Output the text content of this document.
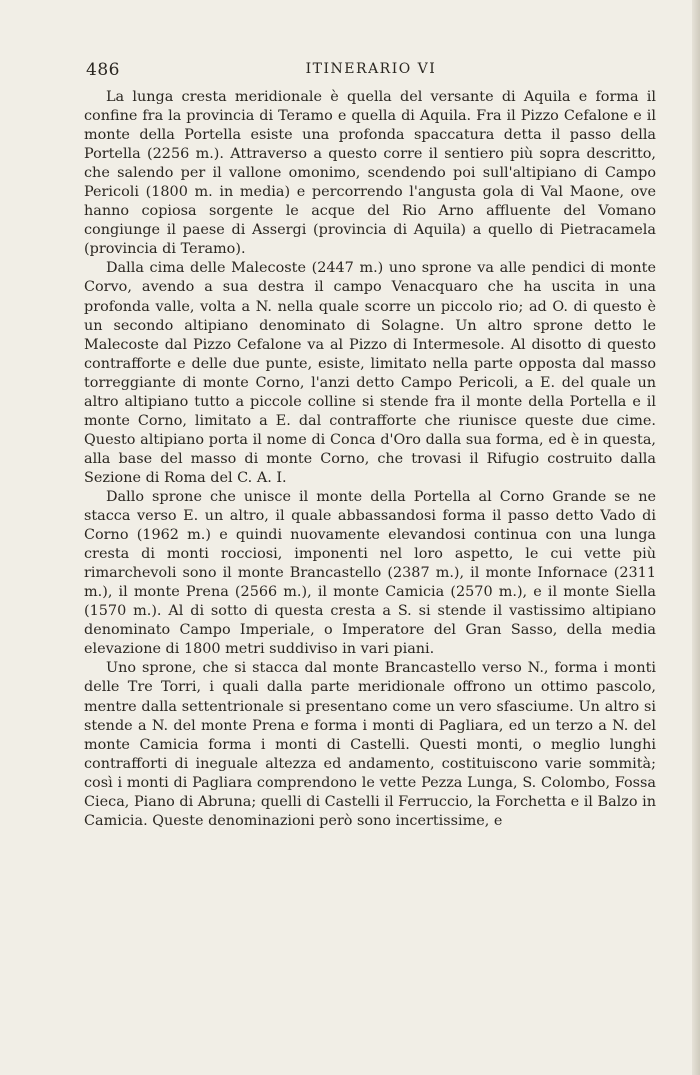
486	ITINERARIO VI

La lunga cresta meridionale è quella del versante di Aquila e forma il confine fra la provincia di Teramo e quella di Aquila. Fra il Pizzo Cefalone e il monte della Portella esiste una profonda spaccatura detta il passo della Portella (2256 m.). Attraverso a questo corre il sentiero più sopra descritto, che salendo per il vallone omonimo, scendendo poi sull'altipiano di Campo Pericoli (1800 m. in media) e percorrendo l'angusta gola di Val Maone, ove hanno copiosa sorgente le acque del Rio Arno affluente del Vomano congiunge il paese di Assergi (provincia di Aquila) a quello di Pietracamela (provincia di Teramo).

Dalla cima delle Malecoste (2447 m.) uno sprone va alle pendici di monte Corvo, avendo a sua destra il campo Venacquaro che ha uscita in una profonda valle, volta a N. nella quale scorre un piccolo rio; ad O. di questo è un secondo altipiano denominato di Solagne. Un altro sprone detto le Malecoste dal Pizzo Cefalone va al Pizzo di Intermesole. Al disotto di questo contrafforte e delle due punte, esiste, limitato nella parte opposta dal masso torreggiante di monte Corno, l'anzi detto Campo Pericoli, a E. del quale un altro altipiano tutto a piccole colline si stende fra il monte della Portella e il monte Corno, limitato a E. dal contrafforte che riunisce queste due cime. Questo altipiano porta il nome di Conca d'Oro dalla sua forma, ed è in questa, alla base del masso di monte Corno, che trovasi il Rifugio costruito dalla Sezione di Roma del C. A. I.

Dallo sprone che unisce il monte della Portella al Corno Grande se ne stacca verso E. un altro, il quale abbassandosi forma il passo detto Vado di Corno (1962 m.) e quindi nuovamente elevandosi continua con una lunga cresta di monti rocciosi, imponenti nel loro aspetto, le cui vette più rimarchevoli sono il monte Brancastello (2387 m.), il monte Infornace (2311 m.), il monte Prena (2566 m.), il monte Camicia (2570 m.), e il monte Siella (1570 m.). Al di sotto di questa cresta a S. si stende il vastissimo altipiano denominato Campo Imperiale, o Imperatore del Gran Sasso, della media elevazione di 1800 metri suddiviso in vari piani.

Uno sprone, che si stacca dal monte Brancastello verso N., forma i monti delle Tre Torri, i quali dalla parte meridionale offrono un ottimo pascolo, mentre dalla settentrionale si presentano come un vero sfasciume. Un altro si stende a N. del monte Prena e forma i monti di Pagliara, ed un terzo a N. del monte Camicia forma i monti di Castelli. Questi monti, o meglio lunghi contrafforti di ineguale altezza ed andamento, costituiscono varie sommità; così i monti di Pagliara comprendono le vette Pezza Lunga, S. Colombo, Fossa Cieca, Piano di Abruna; quelli di Castelli il Ferruccio, la Forchetta e il Balzo in Camicia. Queste denominazioni però sono incertissime, e
